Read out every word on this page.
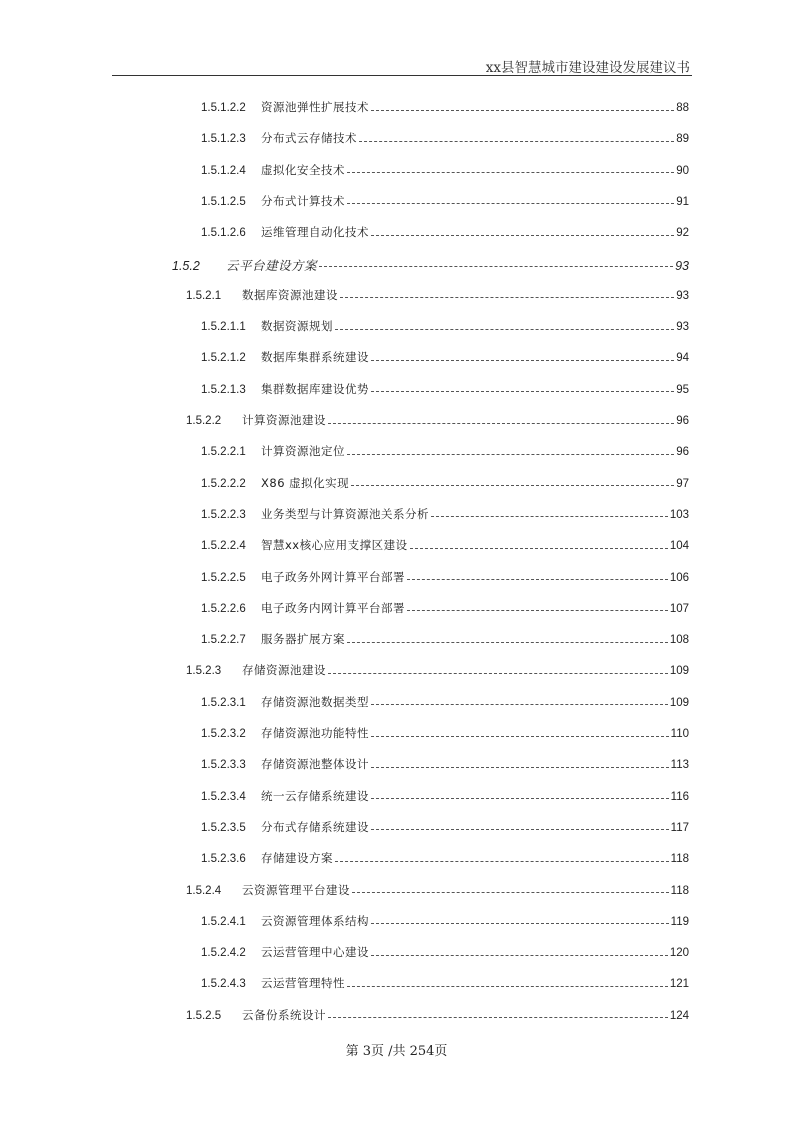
xx县智慧城市建设建设发展建议书
1.5.1.2.2	资源池弹性扩展技术	88
1.5.1.2.3	分布式云存储技术	89
1.5.1.2.4	虚拟化安全技术	90
1.5.1.2.5	分布式计算技术	91
1.5.1.2.6	运维管理自动化技术	92
1.5.2	云平台建设方案	93
1.5.2.1	数据库资源池建设	93
1.5.2.1.1	数据资源规划	93
1.5.2.1.2	数据库集群系统建设	94
1.5.2.1.3	集群数据库建设优势	95
1.5.2.2	计算资源池建设	96
1.5.2.2.1	计算资源池定位	96
1.5.2.2.2	X86 虚拟化实现	97
1.5.2.2.3	业务类型与计算资源池关系分析	103
1.5.2.2.4	智慧xx核心应用支撑区建设	104
1.5.2.2.5	电子政务外网计算平台部署	106
1.5.2.2.6	电子政务内网计算平台部署	107
1.5.2.2.7	服务器扩展方案	108
1.5.2.3	存储资源池建设	109
1.5.2.3.1	存储资源池数据类型	109
1.5.2.3.2	存储资源池功能特性	110
1.5.2.3.3	存储资源池整体设计	113
1.5.2.3.4	统一云存储系统建设	116
1.5.2.3.5	分布式存储系统建设	117
1.5.2.3.6	存储建设方案	118
1.5.2.4	云资源管理平台建设	118
1.5.2.4.1	云资源管理体系结构	119
1.5.2.4.2	云运营管理中心建设	120
1.5.2.4.3	云运营管理特性	121
1.5.2.5	云备份系统设计	124
第 3页 /共 254页
